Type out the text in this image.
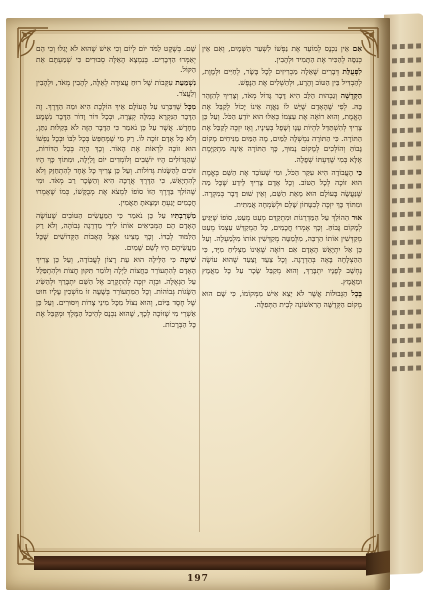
אִם אֵין נִכְנָס לְמוֹעֵד אֶת נַפְשׁוֹ לִשְׁעַר הַשְּׁמָיִם, וְאִם אֵין כְּנִסָּה לְהַכִּיר אֶת הַתָּמִיד וּלְהָבִין.

לִפְעֻלַּת דְּבָרִים שֶׁאֵלָה מַכְרִיזִים לְכָל בָּשָׂר, לְחַיִּים וּלְמָוֶת, לְהַבְדִּיל בֵּין הַטּוֹב וְהָרָע, וּלְהַשְׁלִים אֶת הַנֶּפֶשׁ.

הַקְּדֻשָּׁה וְגַבְהוּת הַלֵּב הִיא דָּבָר גָּדוֹל מְאֹד, וְצָרִיךְ לְהִזָּהֵר בָּהּ. לְפִי שֶׁהָאָדָם שֶׁיֵּשׁ לוֹ גַּאֲוָה אֵינוֹ יָכוֹל לְקַבֵּל אֶת הָאֱמֶת, וְהוּא רוֹאֶה אֶת עַצְמוֹ כְּאִלּוּ הוּא יוֹדֵעַ הַכֹּל. וְעַל כֵּן צָרִיךְ לְהִשְׁתַּדֵּל לִהְיוֹת עָנָו וְשָׁפָל בְּעֵינָיו, וְאָז יִזְכֶּה לְקַבֵּל אֶת הַתּוֹרָה. כִּי הַתּוֹרָה נִמְשְׁלָה לַמַּיִם, מָה הַמַּיִם מַנִּיחִים מָקוֹם גָּבוֹהַּ וְהוֹלְכִים לְמָקוֹם נָמוּךְ, כָּךְ הַתּוֹרָה אֵינָהּ מִתְקַיֶּמֶת אֶלָּא בְּמִי שֶׁדַּעְתּוֹ שְׁפָלָה.

כִּי הָעֲבוֹדָה הִיא עִקַּר הַכֹּל, וּמִי שֶׁעוֹבֵד אֶת הַשֵּׁם בְּאֱמֶת הוּא זוֹכֶה לְכָל הַטּוֹב. וְכָל אָדָם צָרִיךְ לֵידַע שֶׁכָּל מַה שֶּׁנַּעֲשָׂה בָּעוֹלָם הוּא מֵאֵת הַשֵּׁם, וְאֵין שׁוּם דָּבָר בְּמִקְרֶה. וּמִתּוֹךְ כָּךְ יִזְכֶּה לְבִטָּחוֹן שָׁלֵם וּלְשִׂמְחָה אֲמִתִּית.

אוּר הַהוֹלֵךְ עַל הַמַּדְרֵגוֹת וּמִתְקַדֵּם מְעַט מְעַט, סוֹפוֹ שֶׁיַּגִּיעַ לְמָקוֹם גָּבוֹהַּ. וְכָךְ אָמְרוּ חֲכָמִים, כָּל הַמְקַדֵּשׁ עַצְמוֹ מְעַט מְקַדְּשִׁין אוֹתוֹ הַרְבֵּה, מִלְּמַטָּה מְקַדְּשִׁין אוֹתוֹ מִלְמַעְלָה. וְעַל כֵּן אַל יִתְיָאֵשׁ הָאָדָם אִם רוֹאֶה שֶׁאֵינוֹ מַצְלִיחַ מִיָּד, כִּי הַהַצְלָחָה בָּאָה בְּהַדְרָגָה. וְכָל צַעַד וָצַעַד שֶׁהוּא עוֹשֶׂה נֶחְשָׁב לְפָנָיו יִתְבָּרַךְ, וְהוּא מְקַבֵּל שָׂכָר עַל כָּל מַאֲמָץ וּמַאֲמָץ.

בְּכָל הַגְּבוּלוֹת אֲשֶׁר לֹא יֵצֵא אִישׁ מִמְּקוֹמוֹ, כִּי שָׁם הוּא מְקוֹם הַקְּדֻשָּׁה הָרִאשׁוֹנָה לְבֵית הַתְּפִלָּה.

שָׁם. בְּשֶׁקֶט לַמֹּד יוֹם לְיוֹם וְכִי אִישׁ שֶׁהוּא לֹא יָגִלּוּ וְכִי הֵם יְאַמְּרוּ הַדְּבָרִים. בְּנִמְצָא הָאֵלֶּה סְבוּרִים כִּי שְׁמַעְתָּם אֵת הַקּוֹל.

נִשְׁמַעַת עִקְּבוֹת שֶׁל רוּחַ עֲצוּרָה לְאֵלֶּה, לְהָבִין מְאֹד, וּלְהָבִין וְלַעֲצֹר.

מִכָּל שֶׁדִּבַּרְנוּ עַל הָעוֹלָם אֵיךְ הוֹלֶכֶת הִיא וּמַה הַדֶּרֶךְ. זֶה הַדָּבָר הַנִּקְרָא בְּמִלָּה קְצָרָה, וּבְכָל דּוֹר וָדוֹר הַדָּבָר נִשְׁמָע מֵחָדָשׁ. אֲשֶׁר עַל כֵּן נֹאמַר כִּי הַדָּבָר הַזֶּה לֹא בְּקַלּוּת נִתַּן, וְלֹא כָּל אָדָם זוֹכֶה לוֹ. רַק מִי שֶׁמְּחַפֵּשׂ בְּכָל לִבּוֹ וּבְכָל נַפְשׁוֹ הוּא זוֹכֶה לִרְאוֹת אֶת הָאוֹר. וְכָךְ הָיָה בְּכָל הַדּוֹרוֹת, שֶׁהַגְּדוֹלִים הָיוּ יוֹשְׁבִים וְלוֹמְדִים יוֹם וָלַיְלָה, וּמִתּוֹךְ כָּךְ הָיוּ זוֹכִים לְהַשָּׂגוֹת גְּדוֹלוֹת. וְעַל כֵּן צָרִיךְ כָּל אֶחָד לְהִתְחַזֵּק וְלֹא לְהִתְיָאֵשׁ, כִּי הַדֶּרֶךְ אֲרֻכָּה הִיא וְהַשָּׂכָר רַב מְאֹד. וּמִי שֶׁהוֹלֵךְ בַּדֶּרֶךְ הַזּוֹ סוֹפוֹ לִמְצֹא אֶת מְבֻקָּשׁוֹ, כְּמוֹ שֶׁאָמְרוּ חֲכָמִים יָגַעְתָּ וּמָצָאתָ תַּאֲמִין.

מִשְׁרַבְתִּיו עַל כֵּן נֹאמַר כִּי הַמַּעֲשִׂים הַטּוֹבִים שֶׁעוֹשֶׂה הָאָדָם הֵם הַמְּבִיאִים אוֹתוֹ לִידֵי מַדְרֵגָה גְּבוֹהָה, וְלֹא רַק הַלִּמּוּד לְבַדּוֹ. וְכָךְ מָצִינוּ אֵצֶל הָאָבוֹת הַקְּדוֹשִׁים שֶׁכָּל מַעֲשֵׂיהֶם הָיוּ לְשֵׁם שָׁמַיִם.

שִׁיטָה כִּי הַלֵּילָה הוּא עֵת רָצוֹן לְעֲבוֹדָה, וְעַל כֵּן צָרִיךְ הָאָדָם לְהִתְעוֹרֵר בַּחֲצוֹת לַיְלָה וְלוֹמַר תִּקּוּן חֲצוֹת וּלְהִתְפַּלֵּל עַל הַגְּאֻלָּה. וּבְזֶה יִזְכֶּה לְהִתְקָרֵב אֶל הַשֵּׁם יִתְבָּרַךְ וּלְהַשִּׂיג הַשָּׂגוֹת גְּבוֹהוֹת. וְכָל הַמִּתְעוֹרֵר בְּשָׁעָה זוֹ מוֹשְׁכִין עָלָיו חוּט שֶׁל חֶסֶד בַּיּוֹם, וְהוּא נִצּוֹל מִכָּל מִינֵי צָרוֹת וְיִסּוּרִים. וְעַל כֵּן אַשְׁרֵי מִי שֶׁזּוֹכֶה לְכָךְ, שֶׁהוּא נִכְנָס לְהֵיכַל הַמֶּלֶךְ וּמְקַבֵּל אֶת כָּל הַבְּרָכוֹת.

197
